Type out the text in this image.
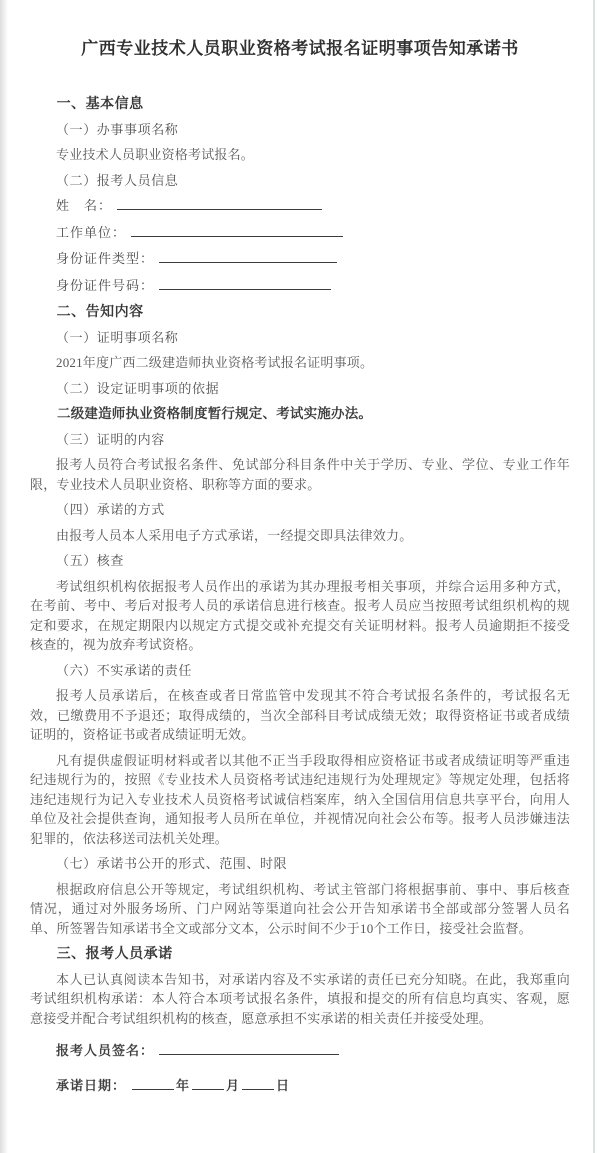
广西专业技术人员职业资格考试报名证明事项告知承诺书
一、基本信息

（一）办事事项名称

专业技术人员职业资格考试报名。

（二）报考人员信息

姓　名：
工作单位：
身份证件类型：
身份证件号码：
二、告知内容

（一）证明事项名称

2021年度广西二级建造师执业资格考试报名证明事项。

（二）设定证明事项的依据

二级建造师执业资格制度暂行规定、考试实施办法。

（三）证明的内容

报考人员符合考试报名条件、免试部分科目条件中关于学历、专业、学位、专业工作年限，专业技术人员职业资格、职称等方面的要求。

（四）承诺的方式

由报考人员本人采用电子方式承诺，一经提交即具法律效力。

（五）核查

考试组织机构依据报考人员作出的承诺为其办理报考相关事项，并综合运用多种方式，在考前、考中、考后对报考人员的承诺信息进行核查。报考人员应当按照考试组织机构的规定和要求，在规定期限内以规定方式提交或补充提交有关证明材料。报考人员逾期拒不接受核查的，视为放弃考试资格。

（六）不实承诺的责任

报考人员承诺后，在核查或者日常监管中发现其不符合考试报名条件的，考试报名无效，已缴费用不予退还；取得成绩的，当次全部科目考试成绩无效；取得资格证书或者成绩证明的，资格证书或者成绩证明无效。

凡有提供虚假证明材料或者以其他不正当手段取得相应资格证书或者成绩证明等严重违纪违规行为的，按照《专业技术人员资格考试违纪违规行为处理规定》等规定处理，包括将违纪违规行为记入专业技术人员资格考试诚信档案库，纳入全国信用信息共享平台，向用人单位及社会提供查询，通知报考人员所在单位，并视情况向社会公布等。报考人员涉嫌违法犯罪的，依法移送司法机关处理。

（七）承诺书公开的形式、范围、时限

根据政府信息公开等规定，考试组织机构、考试主管部门将根据事前、事中、事后核查情况，通过对外服务场所、门户网站等渠道向社会公开告知承诺书全部或部分签署人员名单、所签署告知承诺书全文或部分文本，公示时间不少于10个工作日，接受社会监督。

三、报考人员承诺

本人已认真阅读本告知书，对承诺内容及不实承诺的责任已充分知晓。在此，我郑重向考试组织机构承诺：本人符合本项考试报名条件，填报和提交的所有信息均真实、客观，愿意接受并配合考试组织机构的核查，愿意承担不实承诺的相关责任并接受处理。

报考人员签名：
承诺日期：	年	月	日
